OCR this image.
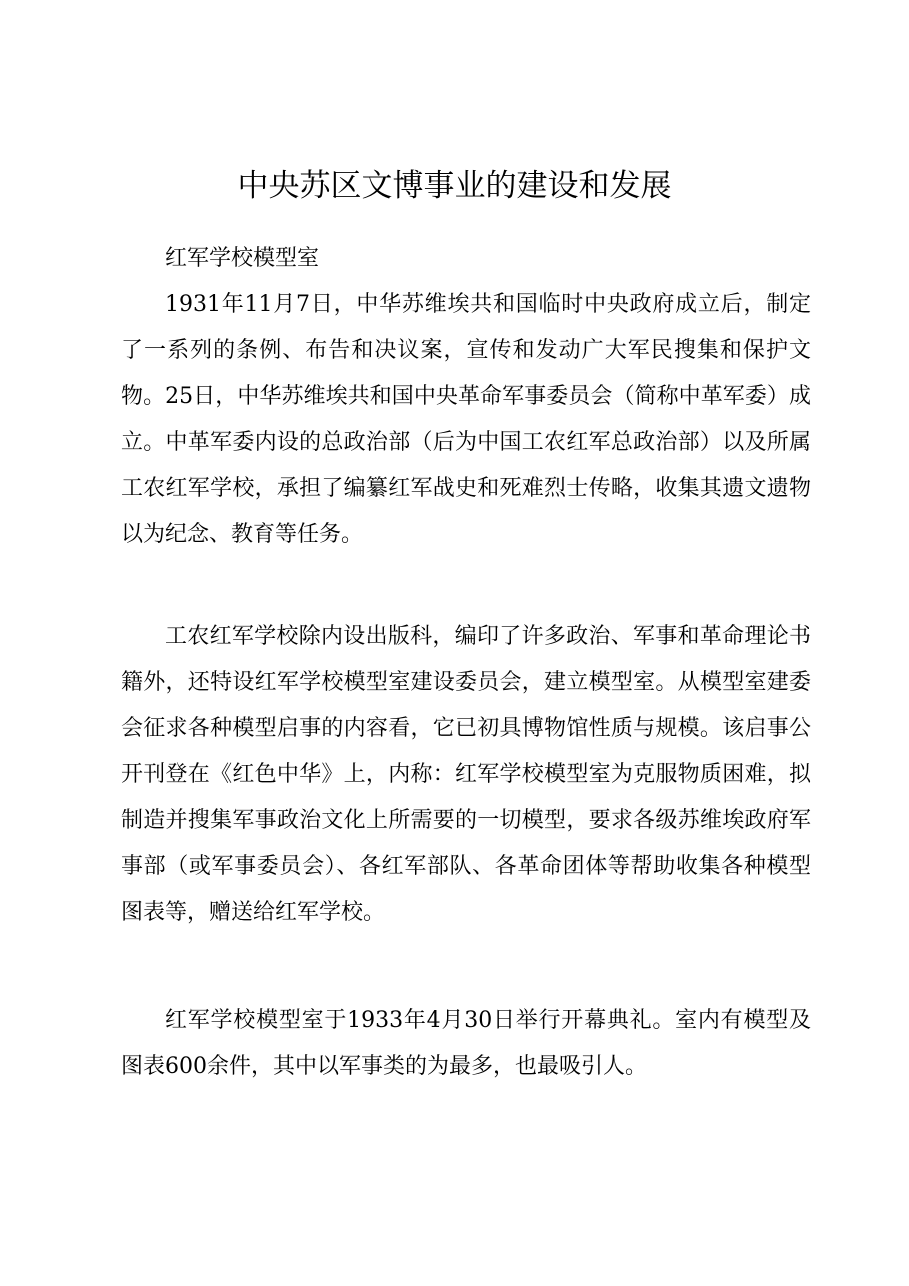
中央苏区文博事业的建设和发展

红军学校模型室

1931年11月7日，中华苏维埃共和国临时中央政府成立后，制定了一系列的条例、布告和决议案，宣传和发动广大军民搜集和保护文物。25日，中华苏维埃共和国中央革命军事委员会（简称中革军委）成立。中革军委内设的总政治部（后为中国工农红军总政治部）以及所属工农红军学校，承担了编纂红军战史和死难烈士传略，收集其遗文遗物以为纪念、教育等任务。

工农红军学校除内设出版科，编印了许多政治、军事和革命理论书籍外，还特设红军学校模型室建设委员会，建立模型室。从模型室建委会征求各种模型启事的内容看，它已初具博物馆性质与规模。该启事公开刊登在《红色中华》上，内称：红军学校模型室为克服物质困难，拟制造并搜集军事政治文化上所需要的一切模型，要求各级苏维埃政府军事部（或军事委员会）、各红军部队、各革命团体等帮助收集各种模型图表等，赠送给红军学校。

红军学校模型室于1933年4月30日举行开幕典礼。室内有模型及图表600余件，其中以军事类的为最多，也最吸引人。
